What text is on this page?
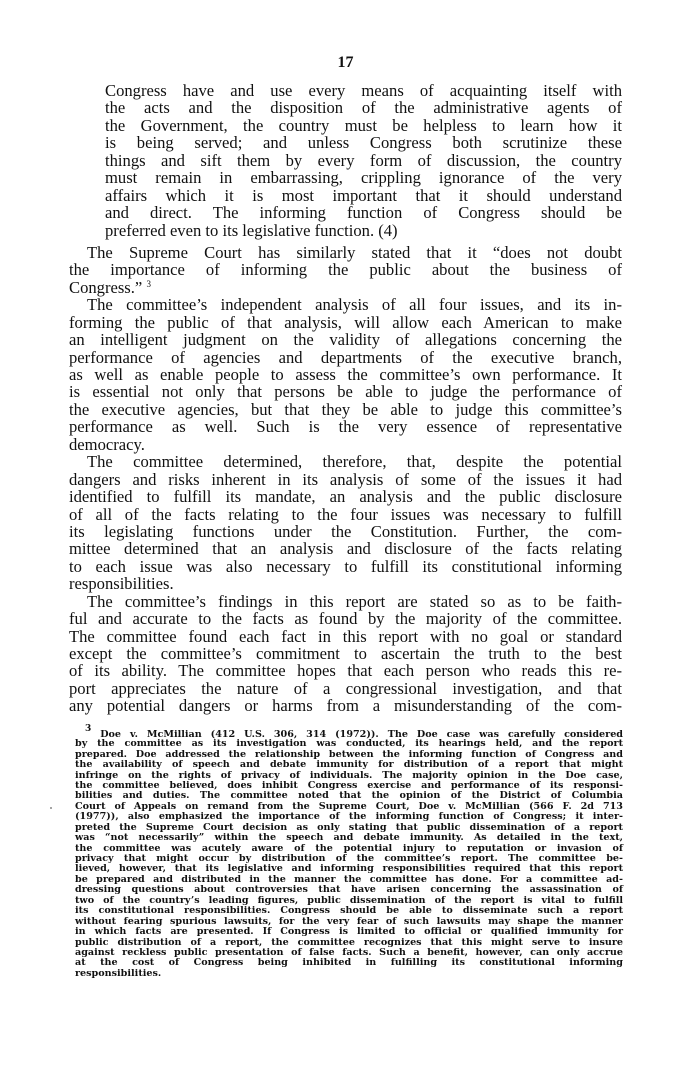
17
Congress have and use every means of acquainting itself with
the acts and the disposition of the administrative agents of
the Government, the country must be helpless to learn how it
is being served; and unless Congress both scrutinize these
things and sift them by every form of discussion, the country
must remain in embarrassing, crippling ignorance of the very
affairs which it is most important that it should understand
and direct. The informing function of Congress should be
preferred even to its legislative function. (4)
The Supreme Court has similarly stated that it “does not doubt
the importance of informing the public about the business of
Congress.” $^3$
The committee’s independent analysis of all four issues, and its in-
forming the public of that analysis, will allow each American to make
an intelligent judgment on the validity of allegations concerning the
performance of agencies and departments of the executive branch,
as well as enable people to assess the committee’s own performance. It
is essential not only that persons be able to judge the performance of
the executive agencies, but that they be able to judge this committee’s
performance as well. Such is the very essence of representative
democracy.
The committee determined, therefore, that, despite the potential
dangers and risks inherent in its analysis of some of the issues it had
identified to fulfill its mandate, an analysis and the public disclosure
of all of the facts relating to the four issues was necessary to fulfill
its legislating functions under the Constitution. Further, the com-
mittee determined that an analysis and disclosure of the facts relating
to each issue was also necessary to fulfill its constitutional informing
responsibilities.
The committee’s findings in this report are stated so as to be faith-
ful and accurate to the facts as found by the majority of the committee.
The committee found each fact in this report with no goal or standard
except the committee’s commitment to ascertain the truth to the best
of its ability. The committee hopes that each person who reads this re-
port appreciates the nature of a congressional investigation, and that
any potential dangers or harms from a misunderstanding of the com-
$^3$ Doe v. McMillian (412 U.S. 306, 314 (1972)). The Doe case was carefully considered
by the committee as its investigation was conducted, its hearings held, and the report
prepared. Doe addressed the relationship between the informing function of Congress and
the availability of speech and debate immunity for distribution of a report that might
infringe on the rights of privacy of individuals. The majority opinion in the Doe case,
the committee believed, does inhibit Congress exercise and performance of its responsi-
bilities and duties. The committee noted that the opinion of the District of Columbia
Court of Appeals on remand from the Supreme Court, Doe v. McMillian (566 F. 2d 713
(1977)), also emphasized the importance of the informing function of Congress; it inter-
preted the Supreme Court decision as only stating that public dissemination of a report
was “not necessarily” within the speech and debate immunity. As detailed in the text,
the committee was acutely aware of the potential injury to reputation or invasion of
privacy that might occur by distribution of the committee’s report. The committee be-
lieved, however, that its legislative and informing responsibilities required that this report
be prepared and distributed in the manner the committee has done. For a committee ad-
dressing questions about controversies that have arisen concerning the assassination of
two of the country’s leading figures, public dissemination of the report is vital to fulfill
its constitutional responsibilities. Congress should be able to disseminate such a report
without fearing spurious lawsuits, for the very fear of such lawsuits may shape the manner
in which facts are presented. If Congress is limited to official or qualified immunity for
public distribution of a report, the committee recognizes that this might serve to insure
against reckless public presentation of false facts. Such a benefit, however, can only accrue
at the cost of Congress being inhibited in fulfilling its constitutional informing
responsibilities.
